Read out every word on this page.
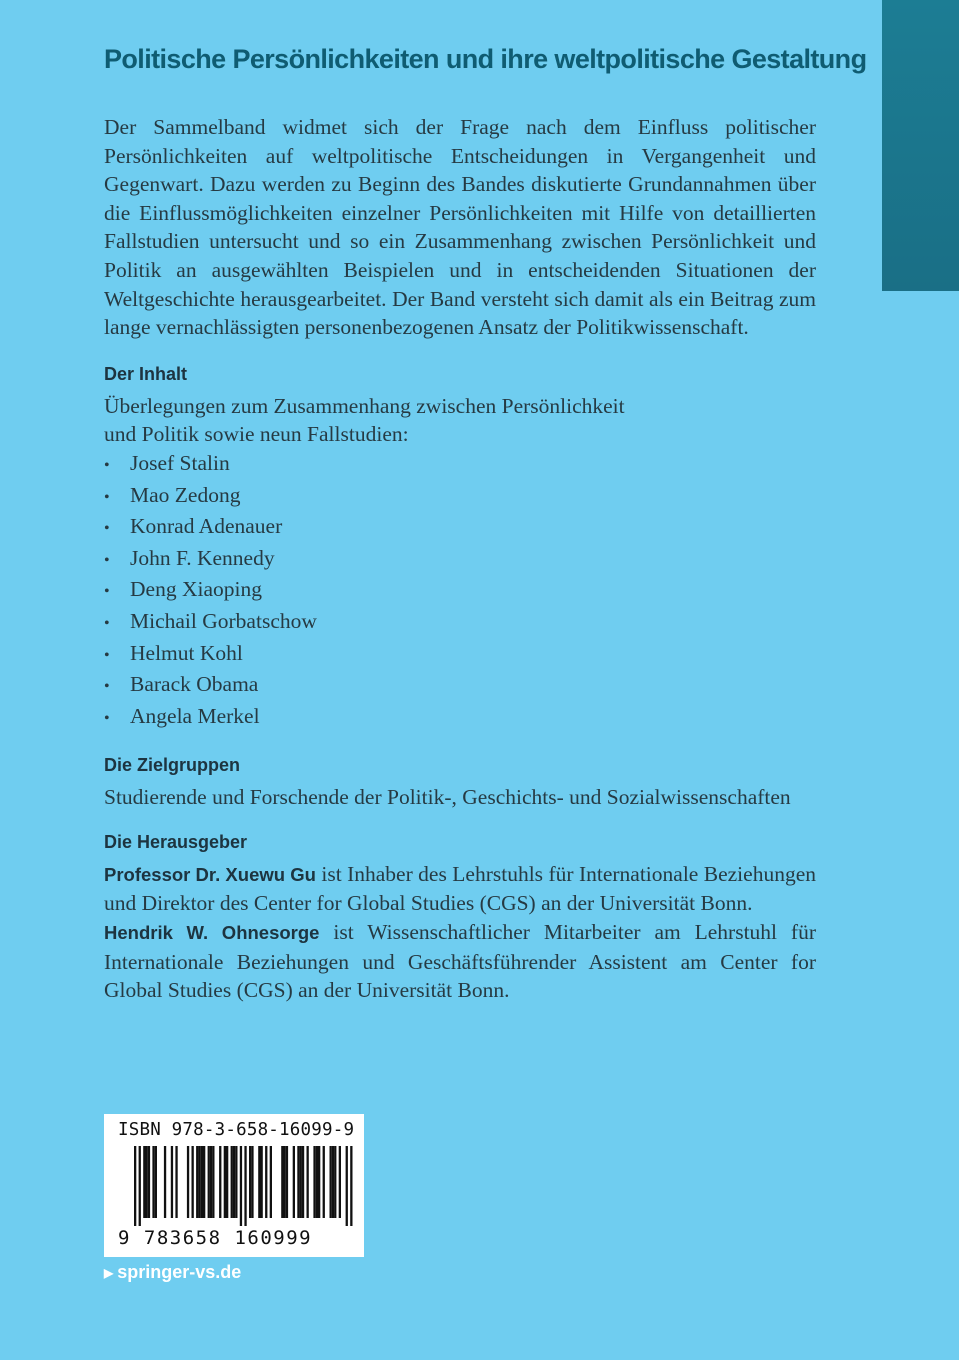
Politische Persönlichkeiten und ihre weltpolitische Gestaltung

Der Sammelband widmet sich der Frage nach dem Einfluss politischer Persönlichkeiten auf weltpolitische Entscheidungen in Vergangenheit und Gegenwart. Dazu werden zu Beginn des Bandes diskutierte Grundannahmen über die Einflussmöglichkeiten einzelner Persönlichkeiten mit Hilfe von detaillierten Fallstudien untersucht und so ein Zusammenhang zwischen Persönlichkeit und Politik an ausgewählten Beispielen und in entscheidenden Situationen der Weltgeschichte herausgearbeitet. Der Band versteht sich damit als ein Beitrag zum lange vernachlässigten personenbezogenen Ansatz der Politikwissenschaft.

Der Inhalt
Überlegungen zum Zusammenhang zwischen Persönlichkeit
und Politik sowie neun Fallstudien:
• Josef Stalin
• Mao Zedong
• Konrad Adenauer
• John F. Kennedy
• Deng Xiaoping
• Michail Gorbatschow
• Helmut Kohl
• Barack Obama
• Angela Merkel
Die Zielgruppen
Studierende und Forschende der Politik-, Geschichts- und Sozialwissenschaften
Die Herausgeber
Professor Dr. Xuewu Gu ist Inhaber des Lehrstuhls für Internationale Beziehungen und Direktor des Center for Global Studies (CGS) an der Universität Bonn.
Hendrik W. Ohnesorge ist Wissenschaftlicher Mitarbeiter am Lehrstuhl für Internationale Beziehungen und Geschäftsführender Assistent am Center for Global Studies (CGS) an der Universität Bonn.
ISBN 978-3-658-16099-9
9 783658 160999
▶ springer-vs.de
